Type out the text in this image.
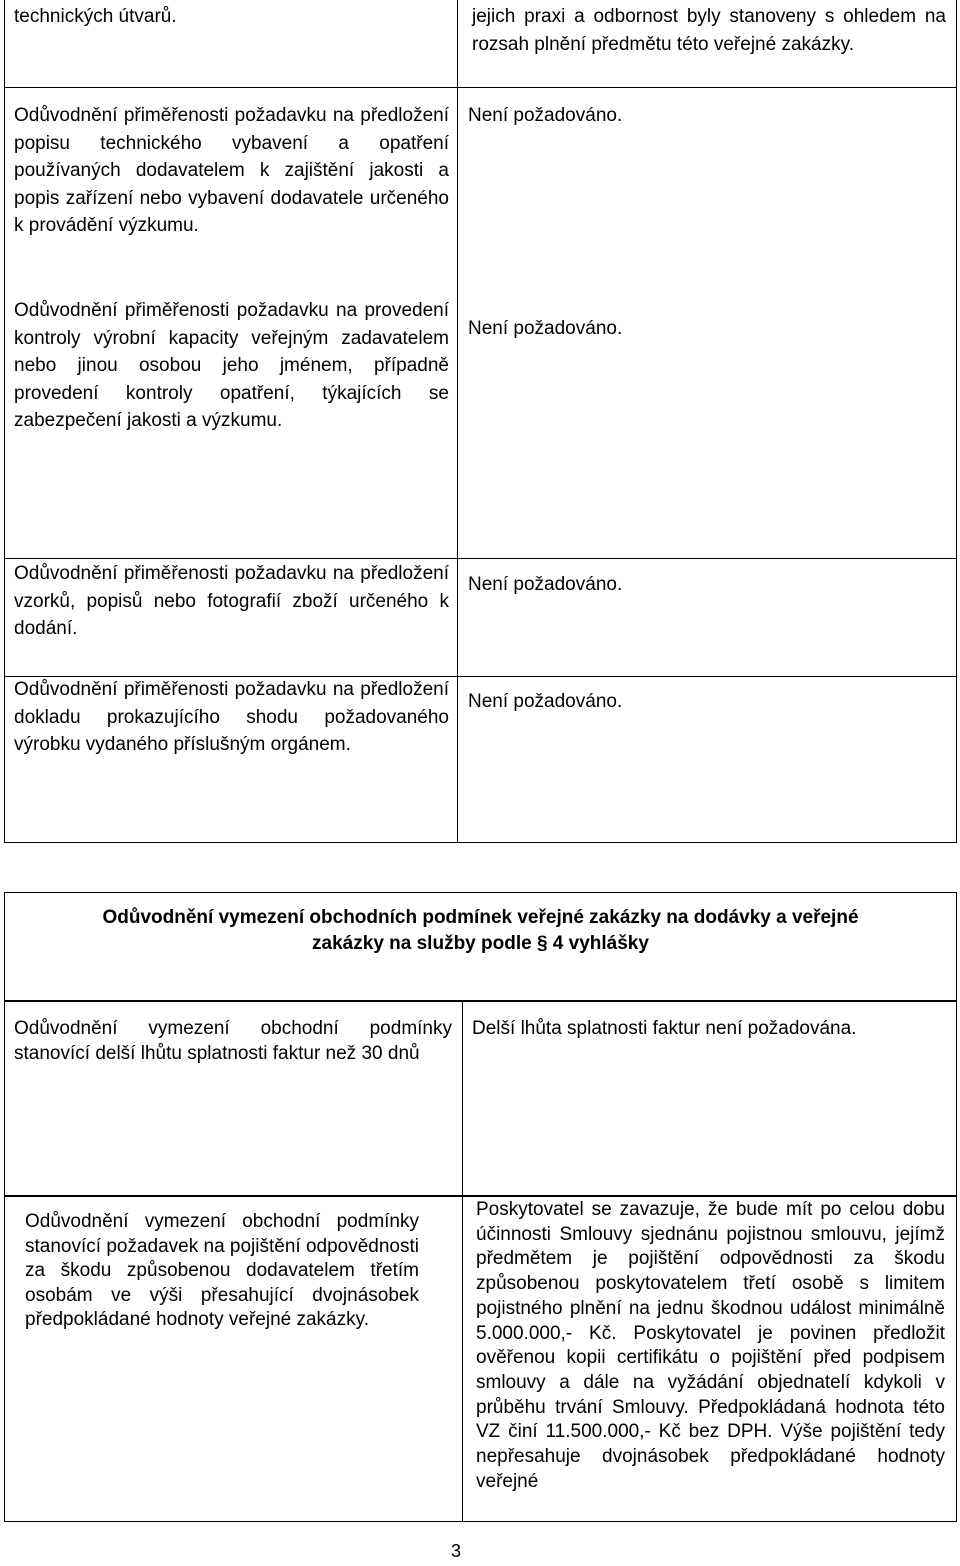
technických útvarů.	jejich praxi a odbornost byly stanoveny s ohledem na rozsah plnění předmětu této veřejné zakázky.
Odůvodnění přiměřenosti požadavku na předložení popisu technického vybavení a opatření používaných dodavatelem k zajištění jakosti a popis zařízení nebo vybavení dodavatele určeného k provádění výzkumu.
Není požadováno.
Odůvodnění přiměřenosti požadavku na provedení kontroly výrobní kapacity veřejným zadavatelem nebo jinou osobou jeho jménem, případně provedení kontroly opatření, týkajících se zabezpečení jakosti a výzkumu.
Není požadováno.
Odůvodnění přiměřenosti požadavku na předložení vzorků, popisů nebo fotografií zboží určeného k dodání.
Není požadováno.
Odůvodnění přiměřenosti požadavku na předložení dokladu prokazujícího shodu požadovaného výrobku vydaného příslušným orgánem.
Není požadováno.
Odůvodnění vymezení obchodních podmínek veřejné zakázky na dodávky a veřejné
zakázky na služby podle § 4 vyhlášky
Odůvodnění vymezení obchodní podmínky stanovící delší lhůtu splatnosti faktur než 30 dnů
Delší lhůta splatnosti faktur není požadována.
Odůvodnění vymezení obchodní podmínky stanovící požadavek na pojištění odpovědnosti za škodu způsobenou dodavatelem třetím osobám ve výši přesahující dvojnásobek předpokládané hodnoty veřejné zakázky.
Poskytovatel se zavazuje, že bude mít po celou dobu účinnosti Smlouvy sjednánu pojistnou smlouvu, jejímž předmětem je pojištění odpovědnosti za škodu způsobenou poskytovatelem třetí osobě s limitem pojistného plnění na jednu škodnou událost minimálně 5.000.000,- Kč. Poskytovatel je povinen předložit ověřenou kopii certifikátu o pojištění před podpisem smlouvy a dále na vyžádání objednatelí kdykoli v průběhu trvání Smlouvy. Předpokládaná hodnota této VZ činí 11.500.000,- Kč bez DPH. Výše pojištění tedy nepřesahuje dvojnásobek předpokládané hodnoty veřejné
3
